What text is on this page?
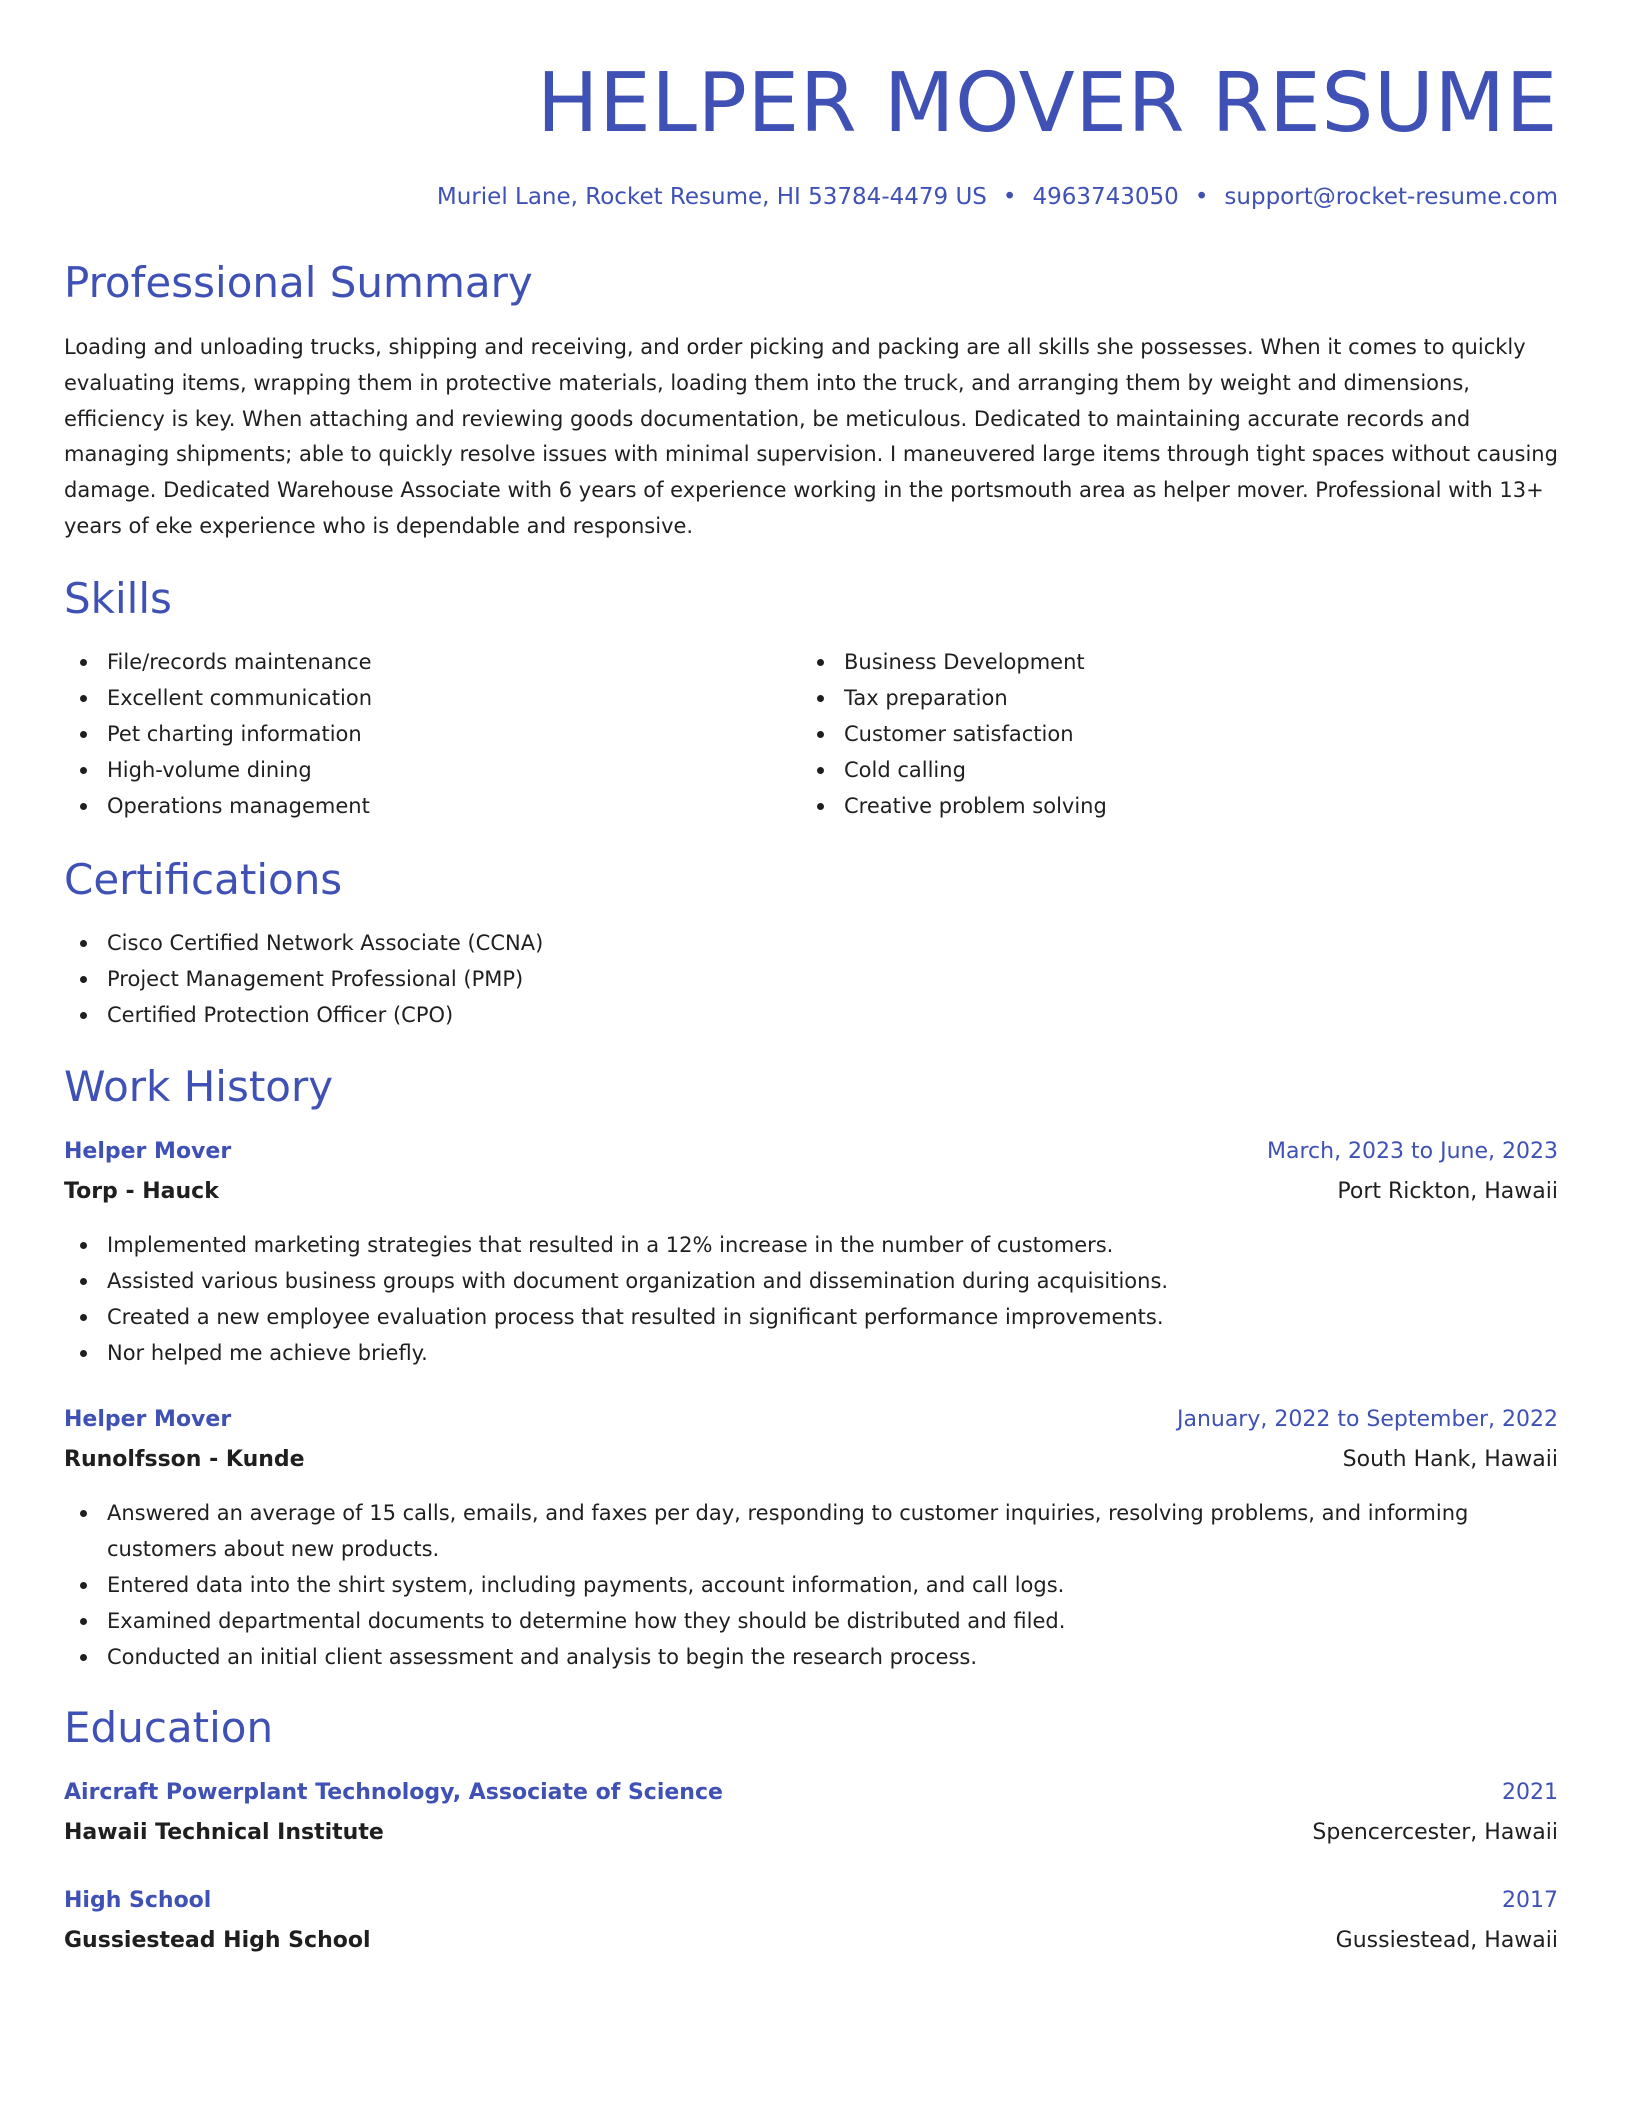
HELPER MOVER RESUME
Muriel Lane, Rocket Resume, HI 53784-4479 US • 4963743050 • support@rocket-resume.com
Professional Summary

Loading and unloading trucks, shipping and receiving, and order picking and packing are all skills she possesses. When it comes to quickly evaluating items, wrapping them in protective materials, loading them into the truck, and arranging them by weight and dimensions, efficiency is key. When attaching and reviewing goods documentation, be meticulous. Dedicated to maintaining accurate records and managing shipments; able to quickly resolve issues with minimal supervision. I maneuvered large items through tight spaces without causing damage. Dedicated Warehouse Associate with 6 years of experience working in the portsmouth area as helper mover. Professional with 13+ years of eke experience who is dependable and responsive.

Skills
File/records maintenance
Excellent communication
Pet charting information
High-volume dining
Operations management
Business Development
Tax preparation
Customer satisfaction
Cold calling
Creative problem solving
Certifications
Cisco Certified Network Associate (CCNA)
Project Management Professional (PMP)
Certified Protection Officer (CPO)
Work History
Helper Mover	March, 2023 to June, 2023
Torp - Hauck	Port Rickton, Hawaii
Implemented marketing strategies that resulted in a 12% increase in the number of customers.
Assisted various business groups with document organization and dissemination during acquisitions.
Created a new employee evaluation process that resulted in significant performance improvements.
Nor helped me achieve briefly.
Helper Mover	January, 2022 to September, 2022
Runolfsson - Kunde	South Hank, Hawaii
Answered an average of 15 calls, emails, and faxes per day, responding to customer inquiries, resolving problems, and informing customers about new products.
Entered data into the shirt system, including payments, account information, and call logs.
Examined departmental documents to determine how they should be distributed and filed.
Conducted an initial client assessment and analysis to begin the research process.
Education
Aircraft Powerplant Technology, Associate of Science	2021
Hawaii Technical Institute	Spencercester, Hawaii
High School	2017
Gussiestead High School	Gussiestead, Hawaii
